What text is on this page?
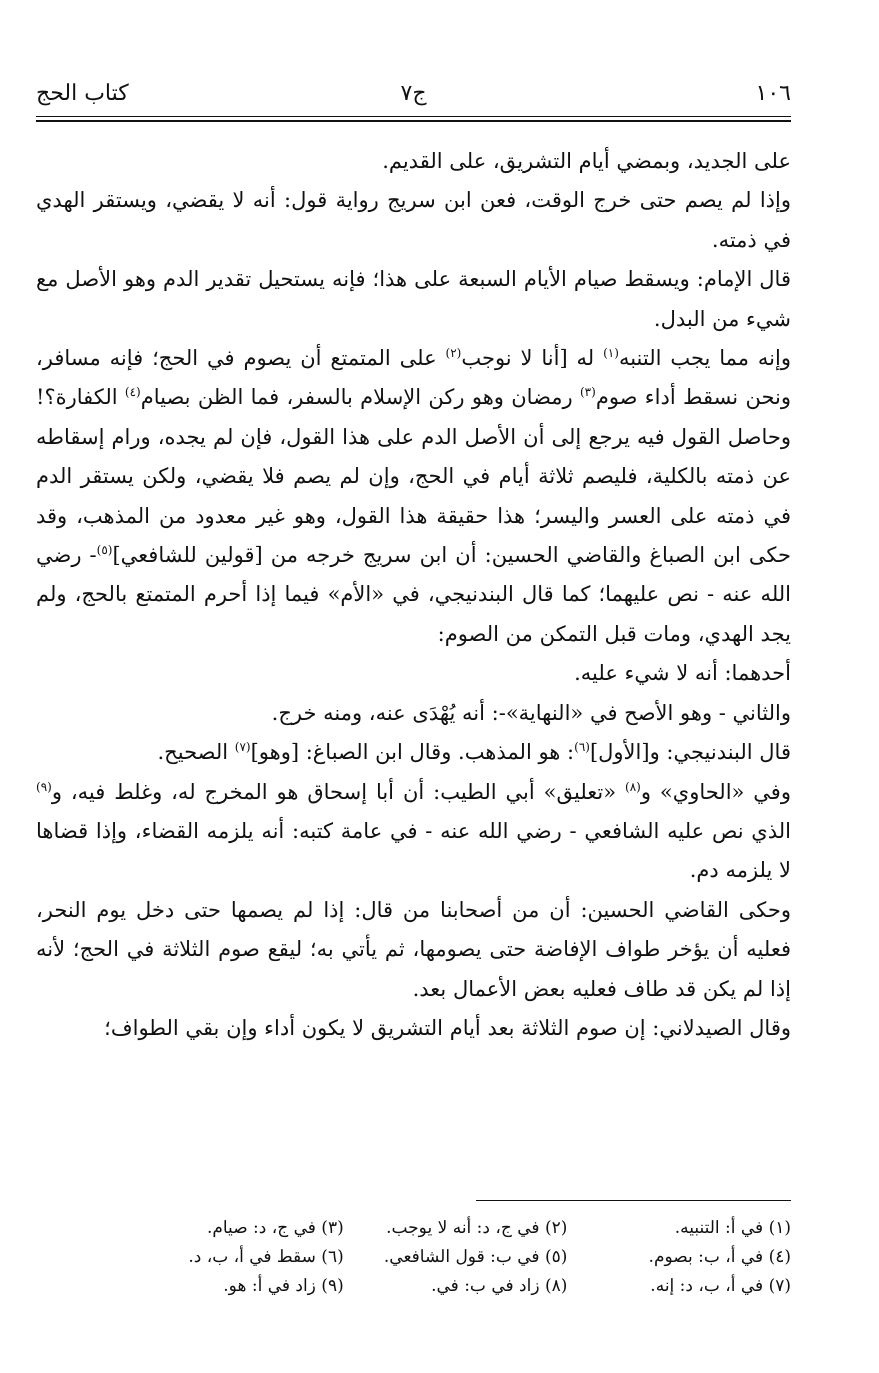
١٠٦
ج٧
كتاب الحج

على الجديد، وبمضي أيام التشريق، على القديم.

وإذا لم يصم حتى خرج الوقت، فعن ابن سريج رواية قول: أنه لا يقضي، ويستقر الهدي في ذمته.

قال الإمام: ويسقط صيام الأيام السبعة على هذا؛ فإنه يستحيل تقدير الدم وهو الأصل مع شيء من البدل.

وإنه مما يجب التنبه$^{(١)}$ له [أنا لا نوجب$^{(٢)}$ على المتمتع أن يصوم في الحج؛ فإنه مسافر، ونحن نسقط أداء صوم$^{(٣)}$ رمضان وهو ركن الإسلام بالسفر، فما الظن بصيام$^{(٤)}$ الكفارة؟! وحاصل القول فيه يرجع إلى أن الأصل الدم على هذا القول، فإن لم يجده، ورام إسقاطه عن ذمته بالكلية، فليصم ثلاثة أيام في الحج، وإن لم يصم فلا يقضي، ولكن يستقر الدم في ذمته على العسر واليسر؛ هذا حقيقة هذا القول، وهو غير معدود من المذهب، وقد حكى ابن الصباغ والقاضي الحسين: أن ابن سريج خرجه من [قولين للشافعي]$^{(٥)}$- رضي الله عنه - نص عليهما؛ كما قال البندنيجي، في «الأم» فيما إذا أحرم المتمتع بالحج، ولم يجد الهدي، ومات قبل التمكن من الصوم:

أحدهما: أنه لا شيء عليه.

والثاني - وهو الأصح في «النهاية»-: أنه يُهْدَى عنه، ومنه خرج.

قال البندنيجي: و[الأول]$^{(٦)}$: هو المذهب. وقال ابن الصباغ: [وهو]$^{(٧)}$ الصحيح.

وفي «الحاوي» و$^{(٨)}$ «تعليق» أبي الطيب: أن أبا إسحاق هو المخرج له، وغلط فيه، و$^{(٩)}$ الذي نص عليه الشافعي - رضي الله عنه - في عامة كتبه: أنه يلزمه القضاء، وإذا قضاها لا يلزمه دم.

وحكى القاضي الحسين: أن من أصحابنا من قال: إذا لم يصمها حتى دخل يوم النحر، فعليه أن يؤخر طواف الإفاضة حتى يصومها، ثم يأتي به؛ ليقع صوم الثلاثة في الحج؛ لأنه إذا لم يكن قد طاف فعليه بعض الأعمال بعد.

وقال الصيدلاني: إن صوم الثلاثة بعد أيام التشريق لا يكون أداء وإن بقي الطواف؛

(١) في أ: التنبيه.
(٢) في ج، د: أنه لا يوجب.
(٣) في ج، د: صيام.
(٤) في أ، ب: بصوم.
(٥) في ب: قول الشافعي.
(٦) سقط في أ، ب، د.
(٧) في أ، ب، د: إنه.
(٨) زاد في ب: في.
(٩) زاد في أ: هو.
